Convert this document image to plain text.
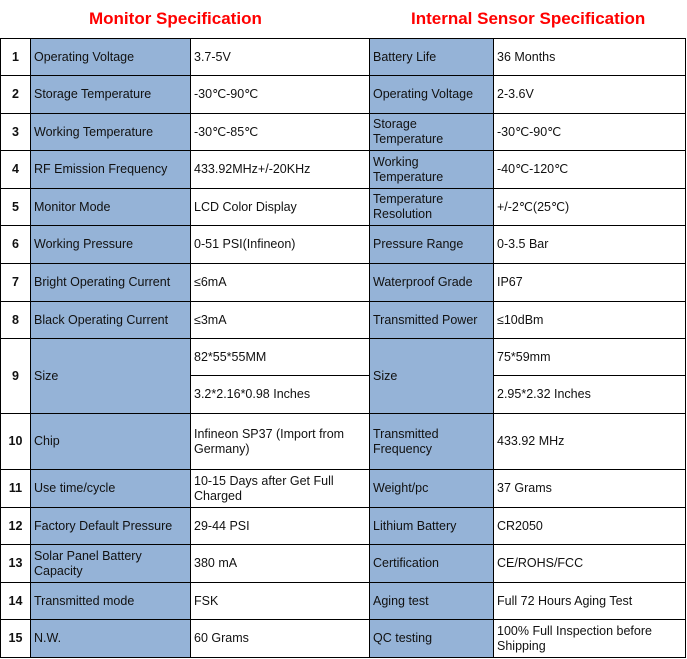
Monitor Specification	Internal Sensor Specification
1	Operating Voltage	3.7-5V	Battery Life	36 Months
2	Storage Temperature	-30℃-90℃	Operating Voltage	2-3.6V
3	Working Temperature	-30℃-85℃	Storage Temperature	-30℃-90℃
4	RF Emission Frequency	433.92MHz+/-20KHz	Working Temperature	-40℃-120℃
5	Monitor Mode	LCD Color Display	Temperature Resolution	+/-2℃(25℃)
6	Working Pressure	0-51 PSI(Infineon)	Pressure Range	0-3.5 Bar
7	Bright Operating Current	≤6mA	Waterproof Grade	IP67
8	Black Operating Current	≤3mA	Transmitted Power	≤10dBm
9	Size	82*55*55MM	Size	75*59mm
		3.2*2.16*0.98 Inches		2.95*2.32 Inches
10	Chip	Infineon SP37 (Import from Germany)	Transmitted Frequency	433.92 MHz
11	Use time/cycle	10-15 Days after Get Full Charged	Weight/pc	37 Grams
12	Factory Default Pressure	29-44 PSI	Lithium Battery	CR2050
13	Solar Panel Battery Capacity	380 mA	Certification	CE/ROHS/FCC
14	Transmitted mode	FSK	Aging test	Full 72 Hours Aging Test
15	N.W.	60 Grams	QC testing	100% Full Inspection before Shipping
